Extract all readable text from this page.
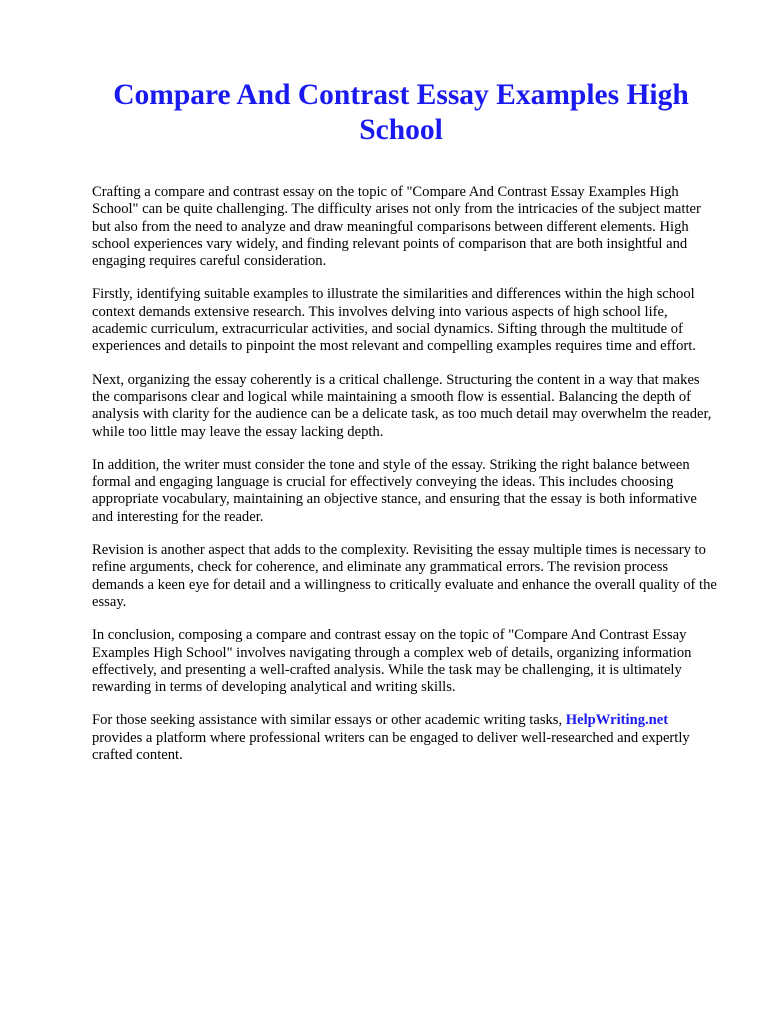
Compare And Contrast Essay Examples High School

Crafting a compare and contrast essay on the topic of "Compare And Contrast Essay Examples High School" can be quite challenging. The difficulty arises not only from the intricacies of the subject matter but also from the need to analyze and draw meaningful comparisons between different elements. High school experiences vary widely, and finding relevant points of comparison that are both insightful and engaging requires careful consideration.

Firstly, identifying suitable examples to illustrate the similarities and differences within the high school context demands extensive research. This involves delving into various aspects of high school life, academic curriculum, extracurricular activities, and social dynamics. Sifting through the multitude of experiences and details to pinpoint the most relevant and compelling examples requires time and effort.

Next, organizing the essay coherently is a critical challenge. Structuring the content in a way that makes the comparisons clear and logical while maintaining a smooth flow is essential. Balancing the depth of analysis with clarity for the audience can be a delicate task, as too much detail may overwhelm the reader, while too little may leave the essay lacking depth.

In addition, the writer must consider the tone and style of the essay. Striking the right balance between formal and engaging language is crucial for effectively conveying the ideas. This includes choosing appropriate vocabulary, maintaining an objective stance, and ensuring that the essay is both informative and interesting for the reader.

Revision is another aspect that adds to the complexity. Revisiting the essay multiple times is necessary to refine arguments, check for coherence, and eliminate any grammatical errors. The revision process demands a keen eye for detail and a willingness to critically evaluate and enhance the overall quality of the essay.

In conclusion, composing a compare and contrast essay on the topic of "Compare And Contrast Essay Examples High School" involves navigating through a complex web of details, organizing information effectively, and presenting a well-crafted analysis. While the task may be challenging, it is ultimately rewarding in terms of developing analytical and writing skills.

For those seeking assistance with similar essays or other academic writing tasks, HelpWriting.net provides a platform where professional writers can be engaged to deliver well-researched and expertly crafted content.
